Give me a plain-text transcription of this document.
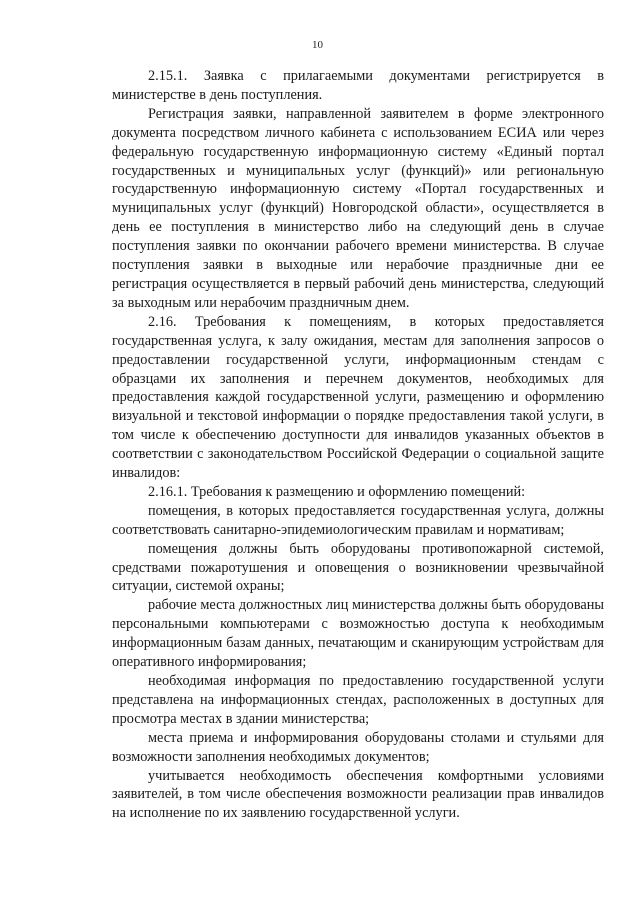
10

2.15.1. Заявка с прилагаемыми документами регистрируется в министерстве в день поступления.

Регистрация заявки, направленной заявителем в форме электронного документа посредством личного кабинета с использованием ЕСИА или через федеральную государственную информационную систему «Единый портал государственных и муниципальных услуг (функций)» или региональную государственную информационную систему «Портал государственных и муниципальных услуг (функций) Новгородской области», осуществляется в день ее поступления в министерство либо на следующий день в случае поступления заявки по окончании рабочего времени министерства. В случае поступления заявки в выходные или нерабочие праздничные дни ее регистрация осуществляется в первый рабочий день министерства, следующий за выходным или нерабочим праздничным днем.

2.16. Требования к помещениям, в которых предоставляется государственная услуга, к залу ожидания, местам для заполнения запросов о предоставлении государственной услуги, информационным стендам с образцами их заполнения и перечнем документов, необходимых для предоставления каждой государственной услуги, размещению и оформлению визуальной и текстовой информации о порядке предоставления такой услуги, в том числе к обеспечению доступности для инвалидов указанных объектов в соответствии с законодательством Российской Федерации о социальной защите инвалидов:

2.16.1. Требования к размещению и оформлению помещений:

помещения, в которых предоставляется государственная услуга, должны соответствовать санитарно-эпидемиологическим правилам и нормативам;

помещения должны быть оборудованы противопожарной системой, средствами пожаротушения и оповещения о возникновении чрезвычайной ситуации, системой охраны;

рабочие места должностных лиц министерства должны быть оборудованы персональными компьютерами с возможностью доступа к необходимым информационным базам данных, печатающим и сканирующим устройствам для оперативного информирования;

необходимая информация по предоставлению государственной услуги представлена на информационных стендах, расположенных в доступных для просмотра местах в здании министерства;

места приема и информирования оборудованы столами и стульями для возможности заполнения необходимых документов;

учитывается необходимость обеспечения комфортными условиями заявителей, в том числе обеспечения возможности реализации прав инвалидов на исполнение по их заявлению государственной услуги.
